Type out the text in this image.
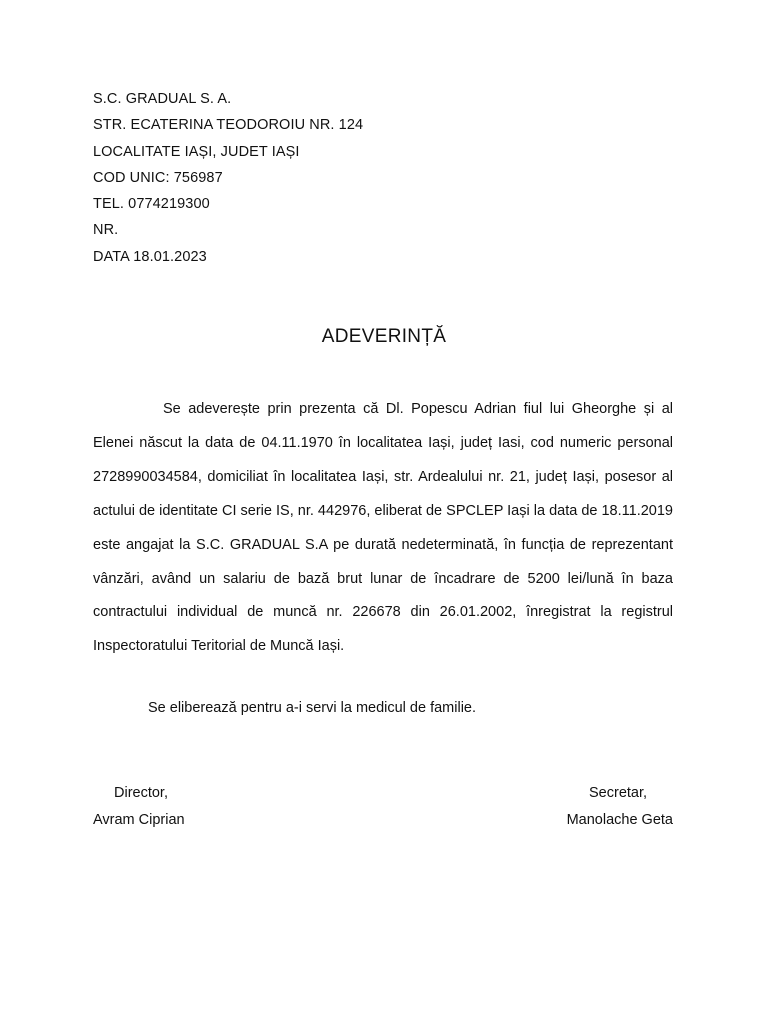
S.C. GRADUAL S. A.
STR. ECATERINA TEODOROIU NR. 124
LOCALITATE IAȘI, JUDET IAȘI
COD UNIC: 756987
TEL. 0774219300
NR.
DATA 18.01.2023
ADEVERINȚĂ
Se adeverește prin prezenta că Dl. Popescu Adrian fiul lui Gheorghe și al Elenei născut la data de 04.11.1970 în localitatea Iași, județ Iasi, cod numeric personal 2728990034584, domiciliat în localitatea Iași, str. Ardealului nr. 21, județ Iași, posesor al actului de identitate CI serie IS, nr. 442976, eliberat de SPCLEP Iași la data de 18.11.2019 este angajat la S.C. GRADUAL S.A pe durată nedeterminată, în funcția de reprezentant vânzări, având un salariu de bază brut lunar de încadrare de 5200 lei/lună în baza contractului individual de muncă nr. 226678 din 26.01.2002, înregistrat la registrul Inspectoratului Teritorial de Muncă Iași.
Se eliberează pentru a-i servi la medicul de familie.
Director,
Avram Ciprian
Secretar,
Manolache Geta
